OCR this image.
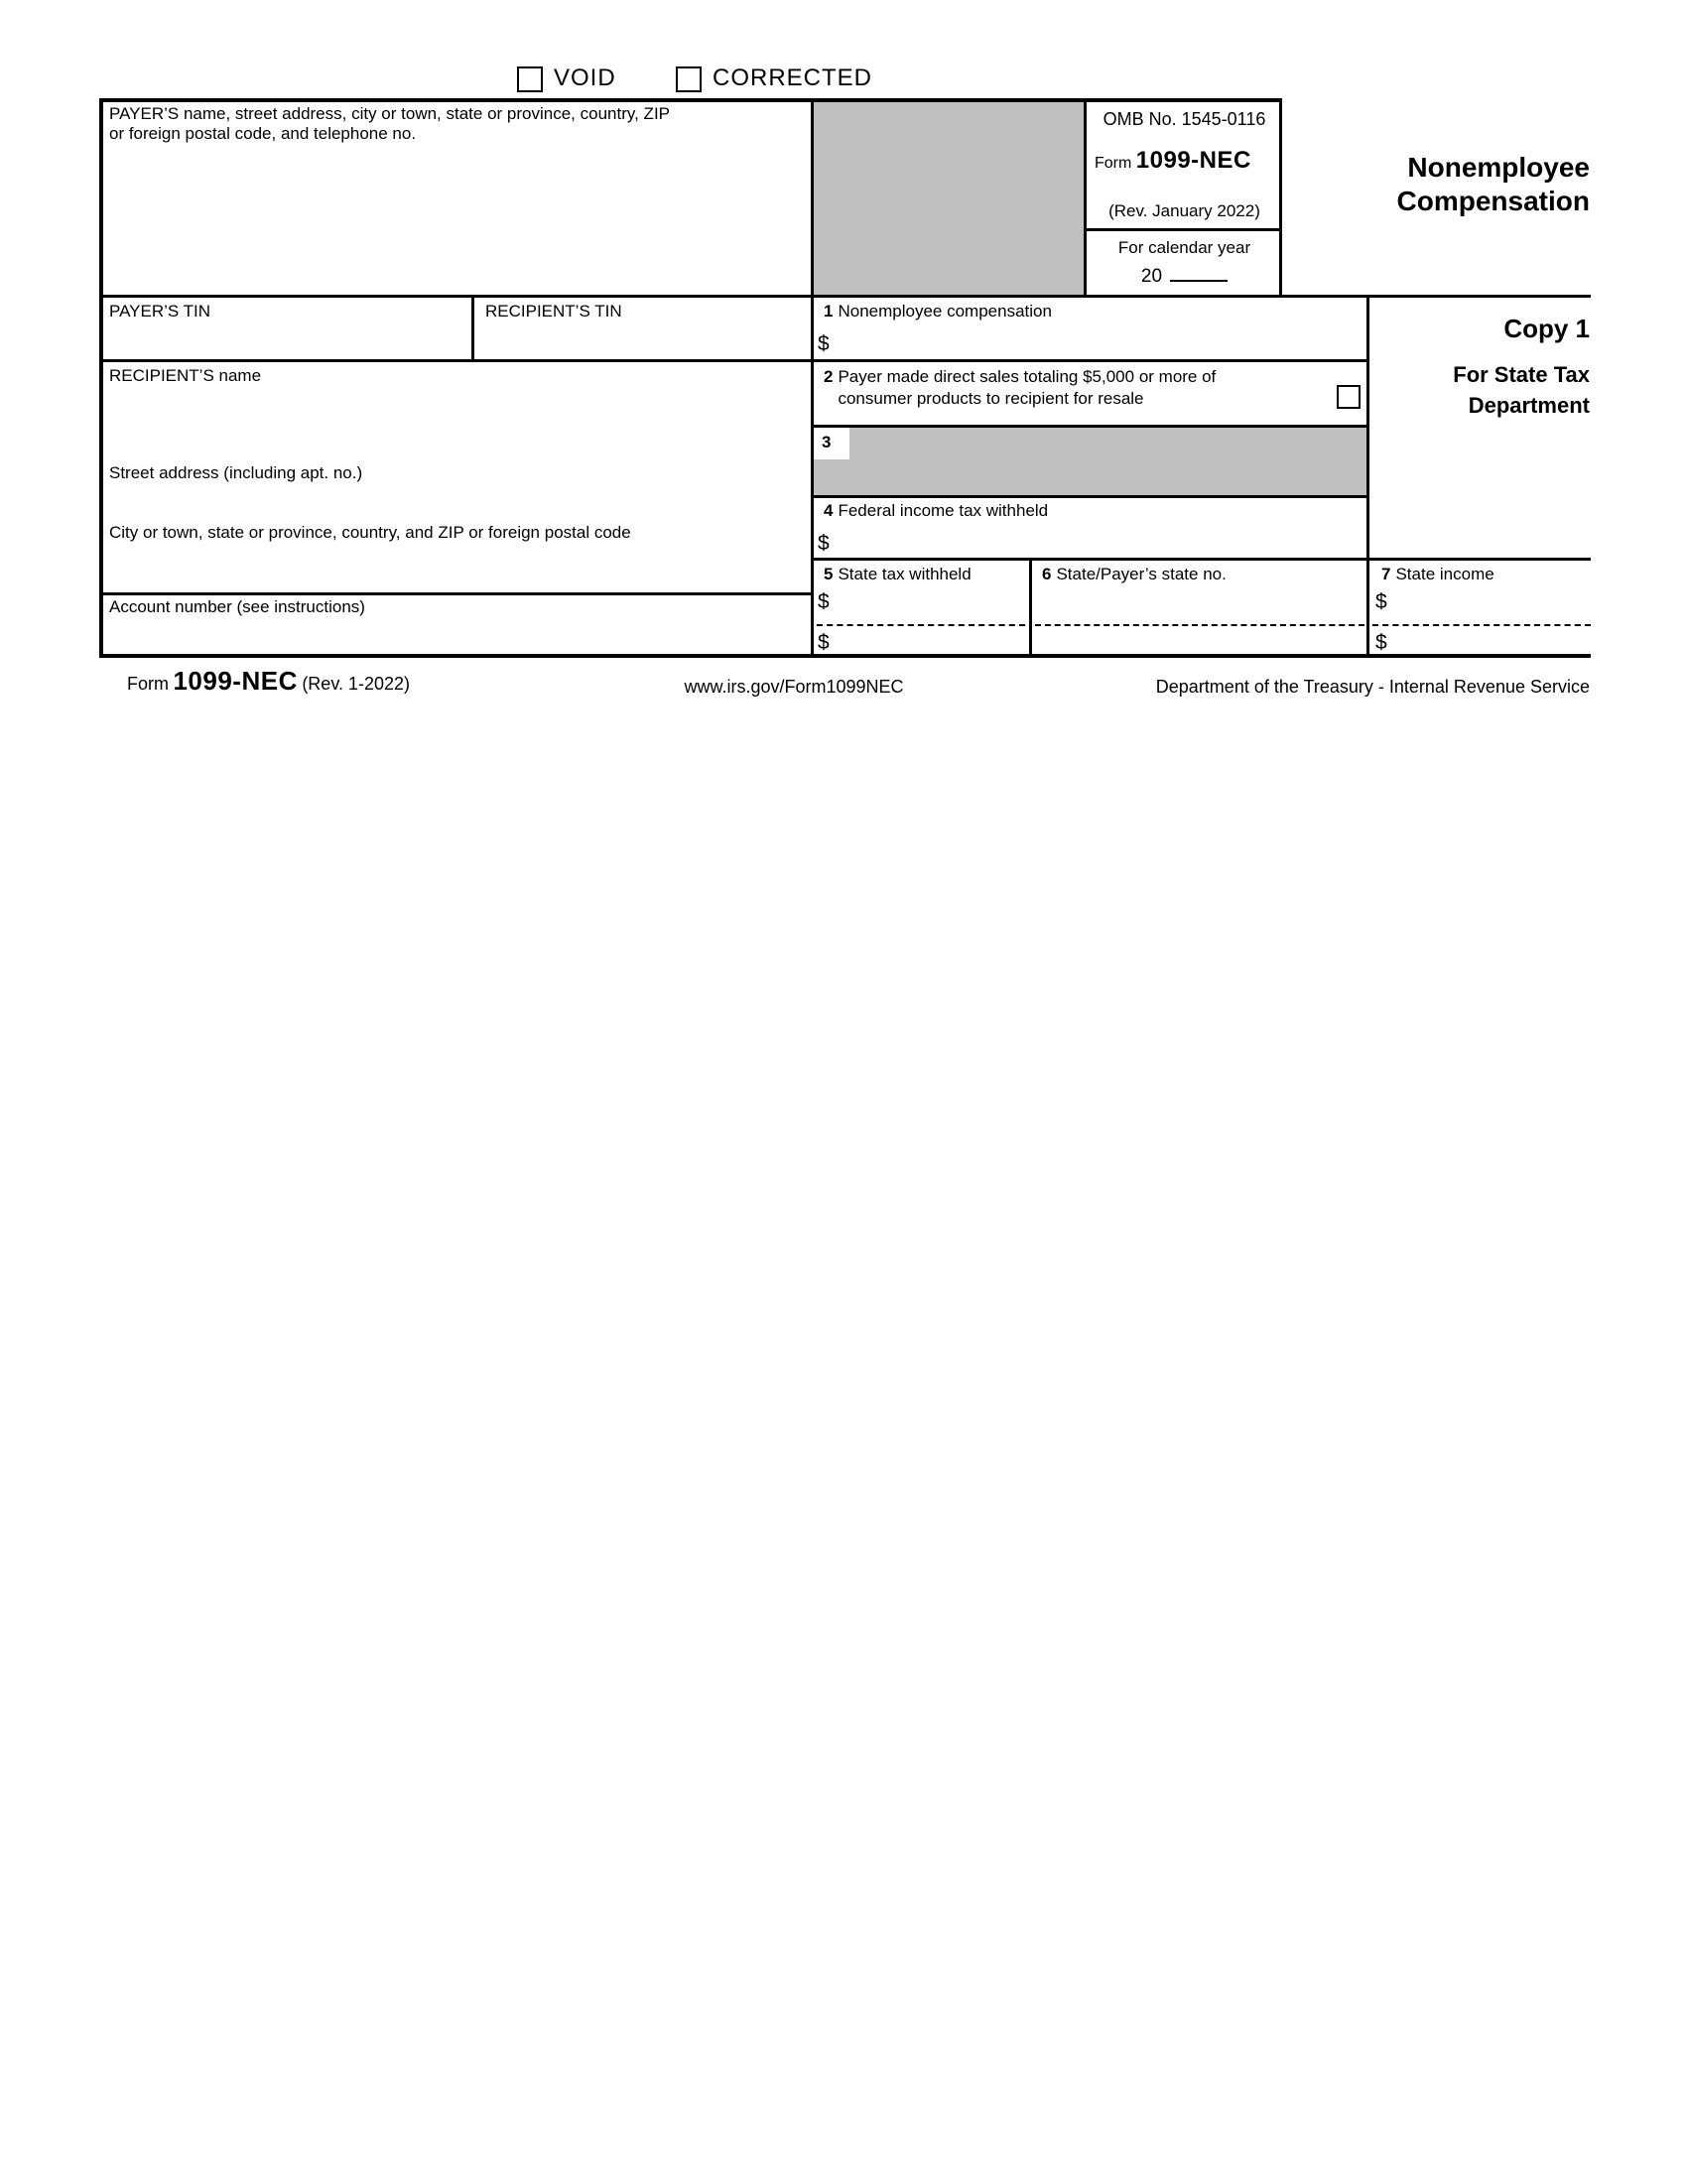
VOID	CORRECTED
PAYER’S name, street address, city or town, state or province, country, ZIP
or foreign postal code, and telephone no.
PAYER’S TIN	RECIPIENT’S TIN
RECIPIENT’S name
Street address (including apt. no.)
City or town, state or province, country, and ZIP or foreign postal code
Account number (see instructions)
OMB No. 1545-0116
Form 1099-NEC
(Rev. January 2022)
For calendar year
20
Nonemployee Compensation
Copy 1
For State Tax Department
1 Nonemployee compensation
$
2 Payer made direct sales totaling $5,000 or more of
consumer products to recipient for resale
3
4 Federal income tax withheld
$
5 State tax withheld
$
$
6 State/Payer’s state no.	7 State income
$
$
Form 1099-NEC (Rev. 1-2022)	www.irs.gov/Form1099NEC	Department of the Treasury - Internal Revenue Service
